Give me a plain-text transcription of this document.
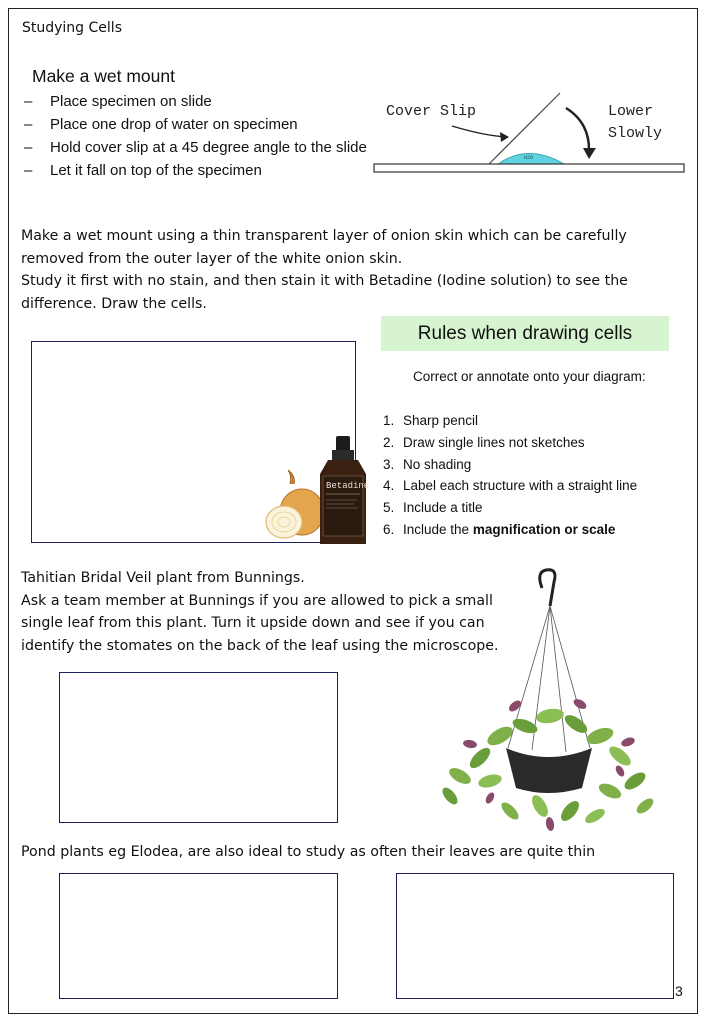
Studying Cells
Make a wet mount
– Place specimen on slide
– Place one drop of water on specimen
– Hold cover slip at a 45 degree angle to the slide
– Let it fall on top of the specimen
Cover Slip	Lower
Slowly
H2O
Make a wet mount using a thin transparent layer of onion skin which can be carefully removed from the outer layer of the white onion skin.
Study it first with no stain, and then stain it with Betadine (Iodine solution) to see the difference. Draw the cells.
Betadine
Rules when drawing cells
Correct or annotate onto your diagram:
1. Sharp pencil
2. Draw single lines not sketches
3. No shading
4. Label each structure with a straight line
5. Include a title
6. Include the magnification or scale
Tahitian Bridal Veil plant from Bunnings.
Ask a team member at Bunnings if you are allowed to pick a small
single leaf from this plant. Turn it upside down and see if you can
identify the stomates on the back of the leaf using the microscope.
Pond plants eg Elodea, are also ideal to study as often their leaves are quite thin
3
